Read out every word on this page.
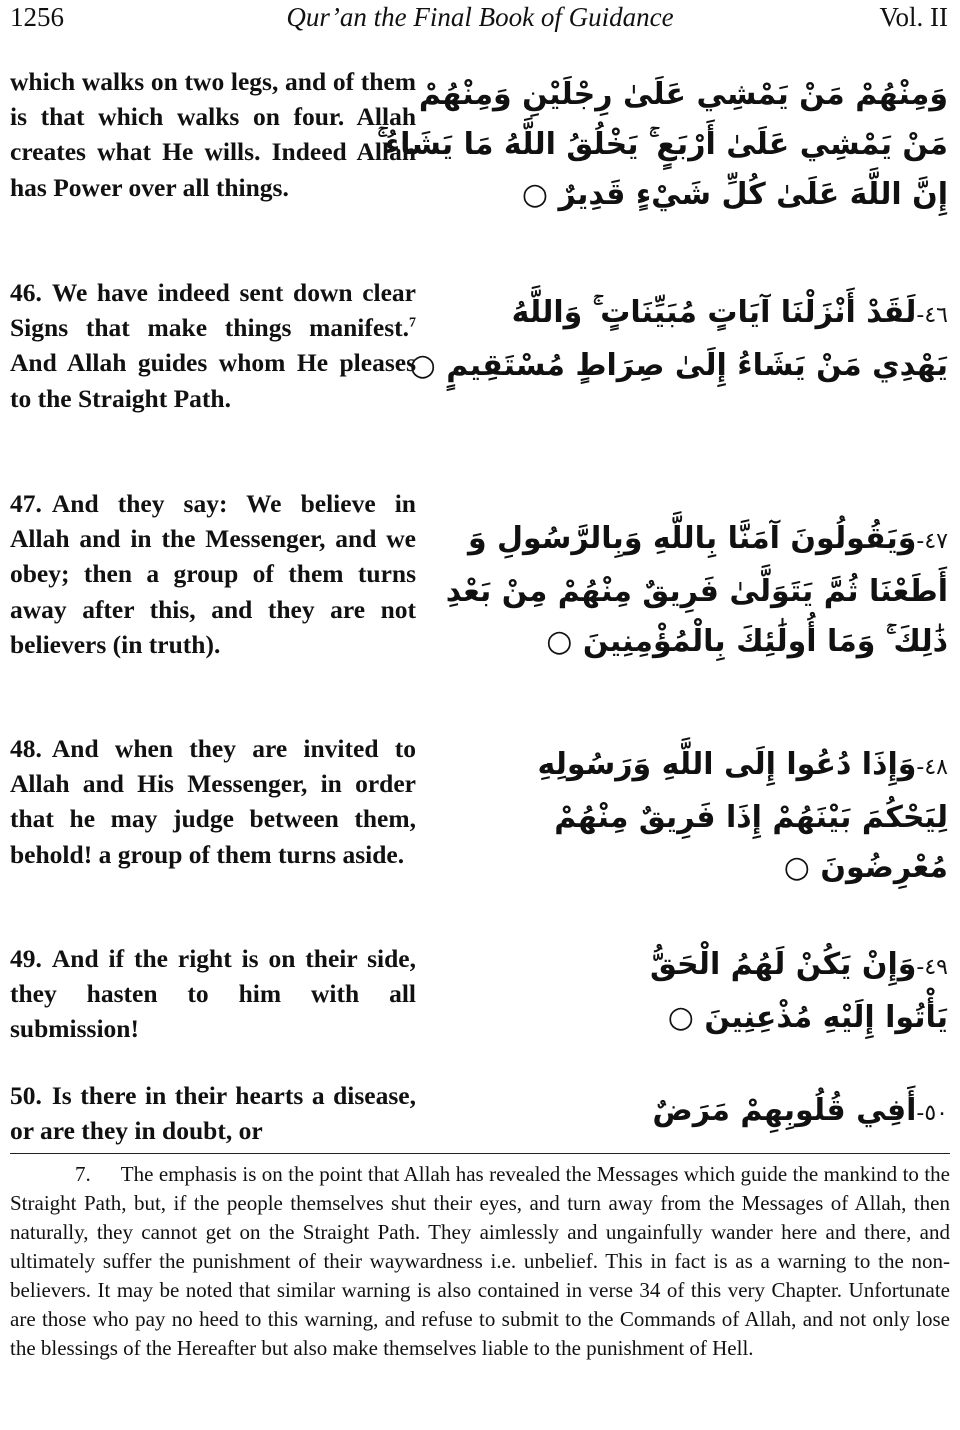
1256	Qur’an the Final Book of Guidance	Vol. II

which walks on two legs, and of them is that which walks on four. Allah creates what He wills. Indeed Allah has Power over all things.

وَمِنْهُمْ مَنْ يَمْشِي عَلَىٰ رِجْلَيْنِ وَمِنْهُمْ
مَنْ يَمْشِي عَلَىٰ أَرْبَعٍ ۚ يَخْلُقُ اللَّهُ مَا يَشَاءُ ۚ
إِنَّ اللَّهَ عَلَىٰ كُلِّ شَيْءٍ قَدِيرٌ ○

46. We have indeed sent down clear Signs that make things manifest.$^7$ And Allah guides whom He pleases to the Straight Path.

٤٦-لَقَدْ أَنْزَلْنَا آيَاتٍ مُبَيِّنَاتٍ ۚ وَاللَّهُ
يَهْدِي مَنْ يَشَاءُ إِلَىٰ صِرَاطٍ مُسْتَقِيمٍ ○

47. And they say: We believe in Allah and in the Messenger, and we obey; then a group of them turns away after this, and they are not believers (in truth).

٤٧-وَيَقُولُونَ آمَنَّا بِاللَّهِ وَبِالرَّسُولِ وَ
أَطَعْنَا ثُمَّ يَتَوَلَّىٰ فَرِيقٌ مِنْهُمْ مِنْ بَعْدِ
ذَٰلِكَ ۚ وَمَا أُولَٰئِكَ بِالْمُؤْمِنِينَ ○

48. And when they are invited to Allah and His Messenger, in order that he may judge between them, behold! a group of them turns aside.

٤٨-وَإِذَا دُعُوا إِلَى اللَّهِ وَرَسُولِهِ
لِيَحْكُمَ بَيْنَهُمْ إِذَا فَرِيقٌ مِنْهُمْ
مُعْرِضُونَ ○

49. And if the right is on their side, they hasten to him with all submission!

٤٩-وَإِنْ يَكُنْ لَهُمُ الْحَقُّ
يَأْتُوا إِلَيْهِ مُذْعِنِينَ ○

50. Is there in their hearts a disease, or are they in doubt, or

٥٠-أَفِي قُلُوبِهِمْ مَرَضٌ

7. The emphasis is on the point that Allah has revealed the Messages which guide the mankind to the Straight Path, but, if the people themselves shut their eyes, and turn away from the Messages of Allah, then naturally, they cannot get on the Straight Path. They aimlessly and ungainfully wander here and there, and ultimately suffer the punishment of their waywardness i.e. unbelief. This in fact is as a warning to the non-believers. It may be noted that similar warning is also contained in verse 34 of this very Chapter. Unfortunate are those who pay no heed to this warning, and refuse to submit to the Commands of Allah, and not only lose the blessings of the Hereafter but also make themselves liable to the punishment of Hell.
